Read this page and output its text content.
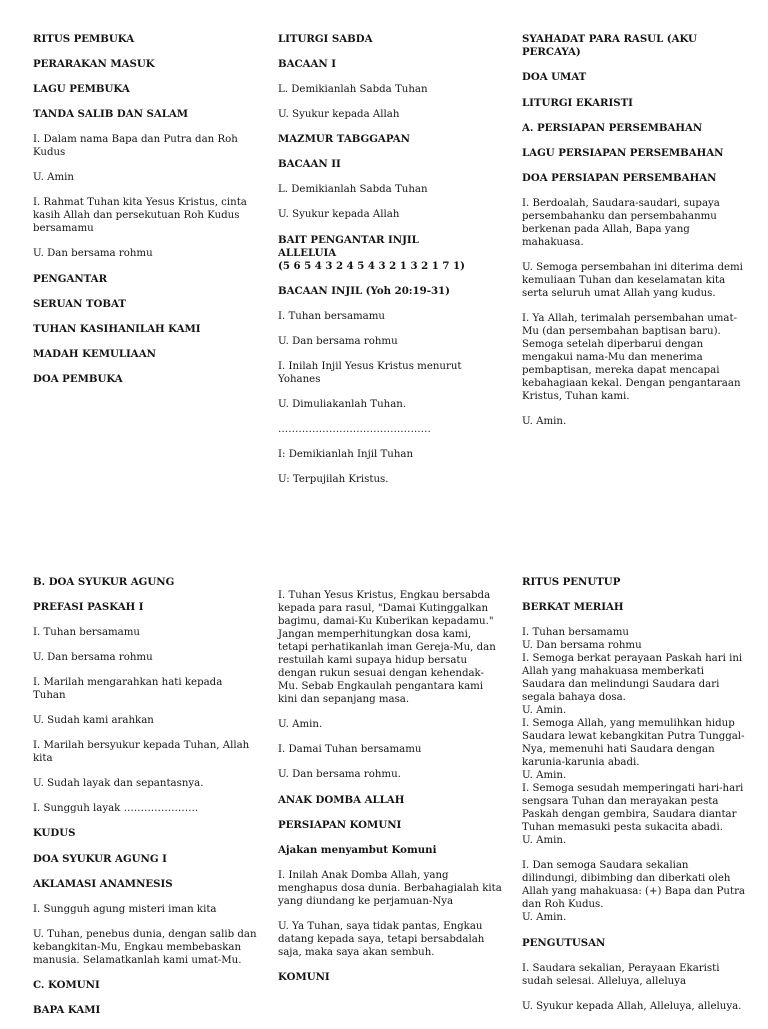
RITUS PEMBUKA

PERARAKAN MASUK

LAGU PEMBUKA

TANDA SALIB DAN SALAM

I. Dalam nama Bapa dan Putra dan Roh Kudus

U. Amin

I. Rahmat Tuhan kita Yesus Kristus, cinta kasih Allah dan persekutuan Roh Kudus bersamamu

U. Dan bersama rohmu

PENGANTAR

SERUAN TOBAT

TUHAN KASIHANILAH KAMI

MADAH KEMULIAAN

DOA PEMBUKA

LITURGI SABDA

BACAAN I

L. Demikianlah Sabda Tuhan

U. Syukur kepada Allah

MAZMUR TABGGAPAN

BACAAN II

L. Demikianlah Sabda Tuhan

U. Syukur kepada Allah

BAIT PENGANTAR INJIL
ALLELUIA
(5 6 5 4 3 2 4 5 4 3 2 1 3 2 1 7 1)

BACAAN INJIL (Yoh 20:19-31)

I. Tuhan bersamamu

U. Dan bersama rohmu

I. Inilah Injil Yesus Kristus menurut Yohanes

U. Dimuliakanlah Tuhan.

………………………………………

I: Demikianlah Injil Tuhan

U: Terpujilah Kristus.

SYAHADAT PARA RASUL (AKU PERCAYA)

DOA UMAT

LITURGI EKARISTI

A. PERSIAPAN PERSEMBAHAN

LAGU PERSIAPAN PERSEMBAHAN

DOA PERSIAPAN PERSEMBAHAN

I. Berdoalah, Saudara-saudari, supaya persembahanku dan persembahanmu berkenan pada Allah, Bapa yang mahakuasa.

U. Semoga persembahan ini diterima demi kemuliaan Tuhan dan keselamatan kita serta seluruh umat Allah yang kudus.

I. Ya Allah, terimalah persembahan umat-Mu (dan persembahan baptisan baru). Semoga setelah diperbarui dengan mengakui nama-Mu dan menerima pembaptisan, mereka dapat mencapai kebahagiaan kekal. Dengan pengantaraan Kristus, Tuhan kami.

U. Amin.

B. DOA SYUKUR AGUNG

PREFASI PASKAH I

I. Tuhan bersamamu

U. Dan bersama rohmu

I. Marilah mengarahkan hati kepada Tuhan

U. Sudah kami arahkan

I. Marilah bersyukur kepada Tuhan, Allah kita

U. Sudah layak dan sepantasnya.

I. Sungguh layak ………………….

KUDUS

DOA SYUKUR AGUNG I

AKLAMASI ANAMNESIS

I. Sungguh agung misteri iman kita

U. Tuhan, penebus dunia, dengan salib dan kebangkitan-Mu, Engkau membebaskan manusia. Selamatkanlah kami umat-Mu.

C. KOMUNI

BAPA KAMI

I. Tuhan Yesus Kristus, Engkau bersabda kepada para rasul, "Damai Kutinggalkan bagimu, damai-Ku Kuberikan kepadamu." Jangan memperhitungkan dosa kami, tetapi perhatikanlah iman Gereja-Mu, dan restuilah kami supaya hidup bersatu dengan rukun sesuai dengan kehendak-Mu. Sebab Engkaulah pengantara kami kini dan sepanjang masa.

U. Amin.

I. Damai Tuhan bersamamu

U. Dan bersama rohmu.

ANAK DOMBA ALLAH

PERSIAPAN KOMUNI

Ajakan menyambut Komuni

I. Inilah Anak Domba Allah, yang menghapus dosa dunia. Berbahagialah kita yang diundang ke perjamuan-Nya

U. Ya Tuhan, saya tidak pantas, Engkau datang kepada saya, tetapi bersabdalah saja, maka saya akan sembuh.

KOMUNI

RITUS PENUTUP

BERKAT MERIAH

I. Tuhan bersamamu

U. Dan bersama rohmu

I. Semoga berkat perayaan Paskah hari ini Allah yang mahakuasa memberkati Saudara dan melindungi Saudara dari segala bahaya dosa.

U. Amin.

I. Semoga Allah, yang memulihkan hidup Saudara lewat kebangkitan Putra Tunggal-Nya, memenuhi hati Saudara dengan karunia-karunia abadi.

U. Amin.

I. Semoga sesudah memperingati hari-hari sengsara Tuhan dan merayakan pesta Paskah dengan gembira, Saudara diantar Tuhan memasuki pesta sukacita abadi.

U. Amin.

I. Dan semoga Saudara sekalian dilindungi, dibimbing dan diberkati oleh Allah yang mahakuasa: (+) Bapa dan Putra dan Roh Kudus.

U. Amin.

PENGUTUSAN

I. Saudara sekalian, Perayaan Ekaristi sudah selesai. Alleluya, alleluya

U. Syukur kepada Allah, Alleluya, alleluya.
